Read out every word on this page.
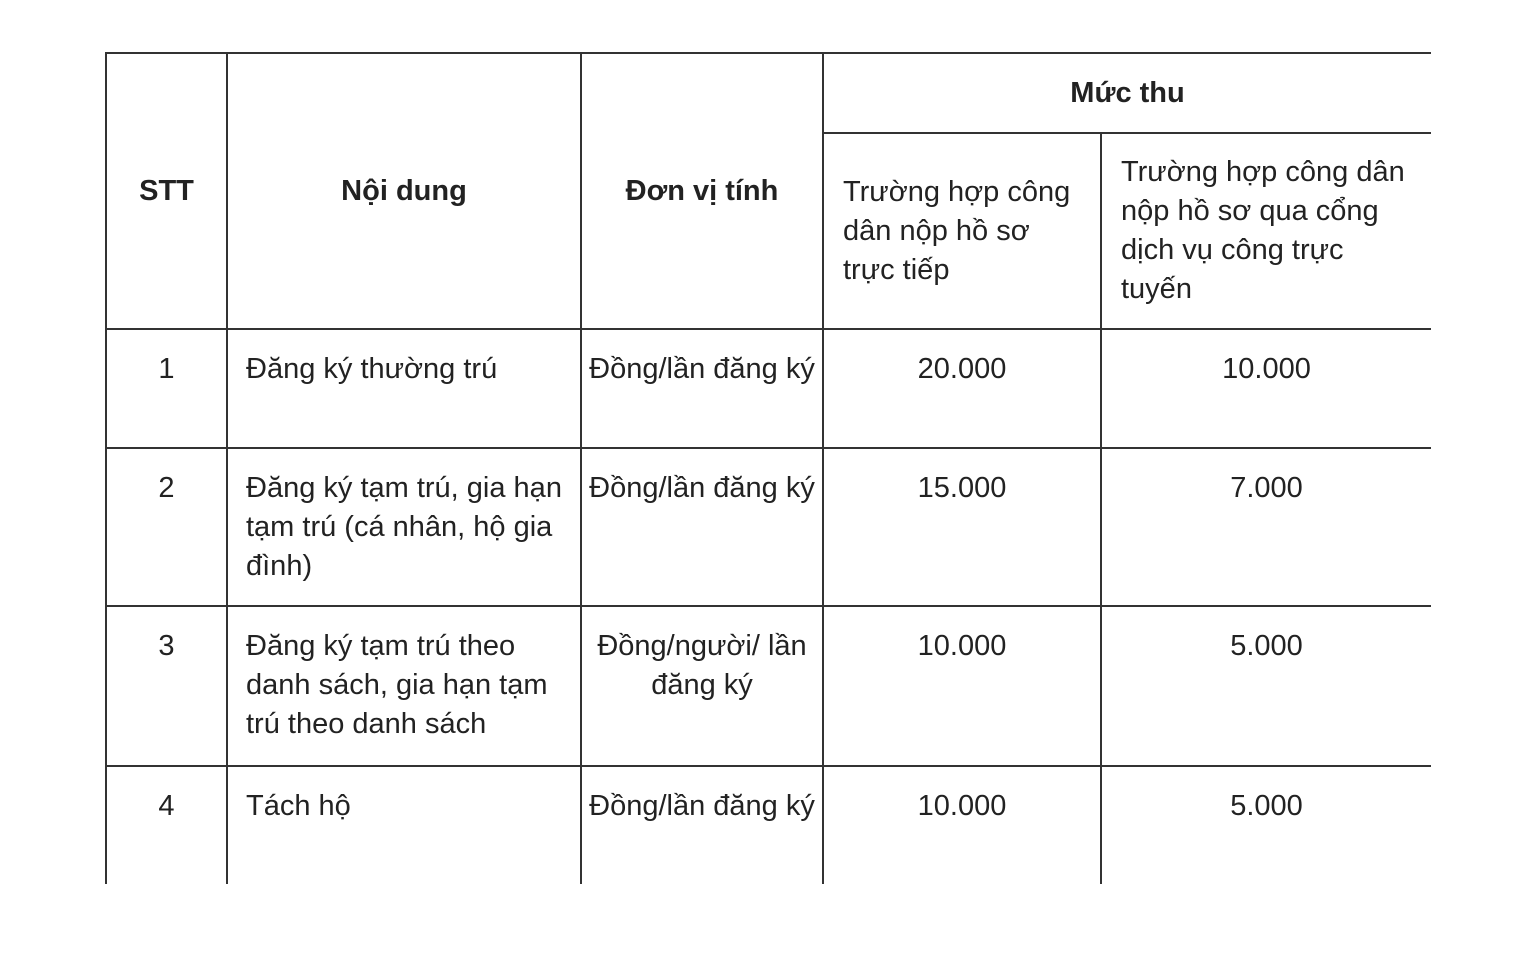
STT	Nội dung	Đơn vị tính	Mức thu	
			Trường hợp công dân nộp hồ sơ trực tiếp	Trường hợp công dân nộp hồ sơ qua cổng dịch vụ công trực tuyến
1	Đăng ký thường trú	Đồng/lần đăng ký	20.000	10.000
2	Đăng ký tạm trú, gia hạn tạm trú (cá nhân, hộ gia đình)	Đồng/lần đăng ký	15.000	7.000
3	Đăng ký tạm trú theo danh sách, gia hạn tạm trú theo danh sách	Đồng/người/ lần đăng ký	10.000	5.000
4	Tách hộ	Đồng/lần đăng ký	10.000	5.000
